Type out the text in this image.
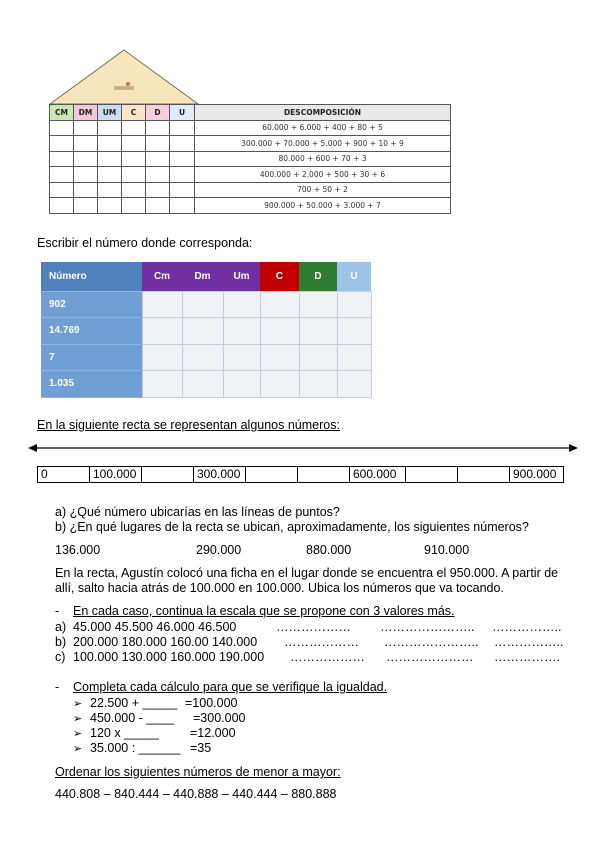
CM	DM	UM	C	D	U	DESCOMPOSICIÓN
						60.000 + 6.000 + 400 + 80 + 5
						300.000 + 70.000 + 5.000 + 900 + 10 + 9
						80.000 + 600 + 70 + 3
						400.000 + 2.000 + 500 + 30 + 6
						700 + 50 + 2
						900.000 + 50.000 + 3.000 + 7
Escribir el número donde corresponda:
Número	Cm	Dm	Um	C	D	U
902						
14.769						
7						
1.035						
En la siguiente recta se representan algunos números:
0	100.000	300.000	600.000	900.000
a) ¿Qué número ubicarías en las líneas de puntos?
b) ¿En qué lugares de la recta se ubican, aproximadamente, los siguientes números?
136.000	290.000	880.000	910.000
En la recta, Agustín colocó una ficha en el lugar donde se encuentra el 950.000. A partir de
allí, salto hacia atrás de 100.000 en 100.000. Ubica los números que va tocando.
- En cada caso, continua la escala que se propone con 3 valores más.
a) 45.000 45.500 46.000 46.500	……………… ………………….. ……………..
b) 200.000 180.000 160.00 140.000 ……………… ………………….. ……………..
c) 100.000 130.000 160.000 190.000 ……………… ………………… …………….
- Completa cada cálculo para que se verifique la igualdad.
➢ 22.500 + _____ =100.000
➢ 450.000 - ____ =300.000
➢ 120 x _____ =12.000
➢ 35.000 : ______ =35
Ordenar los siguientes números de menor a mayor:
440.808 – 840.444 – 440.888 – 440.444 – 880.888
